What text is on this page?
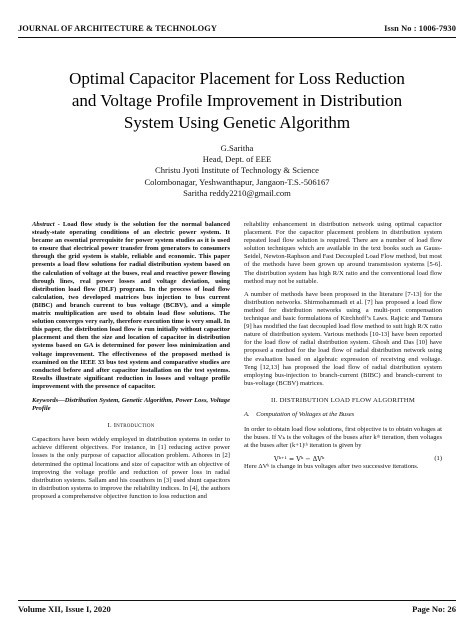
JOURNAL OF ARCHITECTURE & TECHNOLOGY	Issn No : 1006-7930
Optimal Capacitor Placement for Loss Reduction
and Voltage Profile Improvement in Distribution
System Using Genetic Algorithm
G.Saritha
Head, Dept. of EEE
Christu Jyoti Institute of Technology & Science
Colombonagar, Yeshwanthapur, Jangaon-T.S.-506167
Saritha reddy2210@gmail.com

Abstract - Load flow study is the solution for the normal balanced steady-state operating conditions of an electric power system. It became an essential prerequisite for power system studies as it is used to ensure that electrical power transfer from generators to consumers through the grid system is stable, reliable and economic. This paper presents a load flow solutions for radial distribution system based on the calculation of voltage at the buses, real and reactive power flowing through lines, real power losses and voltage deviation, using distribution load flow (DLF) program. In the process of load flow calculation, two developed matrices bus injection to bus current (BIBC) and branch current to bus voltage (BCBV), and a simple matrix multiplication are used to obtain load flow solutions. The solution converges very early, therefore execution time is very small. In this paper, the distribution load flow is run initially without capacitor placement and then the size and location of capacitor in distribution systems based on GA is determined for power loss minimization and voltage improvement. The effectiveness of the proposed method is examined on the IEEE 33 bus test system and comparative studies are conducted before and after capacitor installation on the test systems. Results illustrate significant reduction in losses and voltage profile improvement with the presence of capacitor.

Keywords—Distribution System, Genetic Algorithm, Power Loss, Voltage Profile

I. Introduction

Capacitors have been widely employed in distribution systems in order to achieve different objectives. For instance, in [1] reducing active power losses is the only purpose of capacitor allocation problem. Athores in [2] determined the optimal locations and size of capacitor with an objective of improving the voltage profile and reduction of power loss in radial distribution systems. Sallam and his coauthors in [3] used shunt capacitors in distribution systems to improve the reliability indices. In [4], the authors proposed a comprehensive objective function to loss reduction and

reliability enhancement in distribution network using optimal capacitor placement. For the capacitor placement problem in distribution system repeated load flow solution is required. There are a number of load flow solution techniques which are available in the text books such as Gauss-Seidel, Newton-Raphson and Fast Decoupled Load Flow method, but most of the methods have been grown up around transmission systems [5-6]. The distribution system has high R/X ratio and the conventional load flow method may not be suitable.

A number of methods have been proposed in the literature [7-13] for the distribution networks. Shirmohammadi et al. [7] has proposed a load flow method for distribution networks using a multi-port compensation technique and basic formulations of Kirchhoff’s Laws. Rajicic and Tamura [9] has modified the fast decoupled load flow method to suit high R/X ratio nature of distribution system. Various methods [10-13] have been reported for the load flow of radial distribution system. Ghosh and Das [10] have proposed a method for the load flow of radial distribution network using the evaluation based on algebraic expression of receiving end voltage. Teng [12,13] has proposed the load flow of radial distribution system employing bus-injection to branch-current (BIBC) and branch-current to bus-voltage (BCBV) matrices.

II. DISTRIBUTION LOAD FLOW ALGORITHM

A. Computation of Voltages at the Buses

In order to obtain load flow solutions, first objective is to obtain voltages at the buses. If Vₖ is the voltages of the buses after kᵗʰ iteration, then voltages at the buses after (k+1)ᵗʰ iteration is given by

Vᵏ⁺¹ = Vᵏ − ΔVᵏ	(1)

Here ΔVᵏ is change in bus voltages after two successive iterations.

Volume XII, Issue I, 2020	Page No: 26
